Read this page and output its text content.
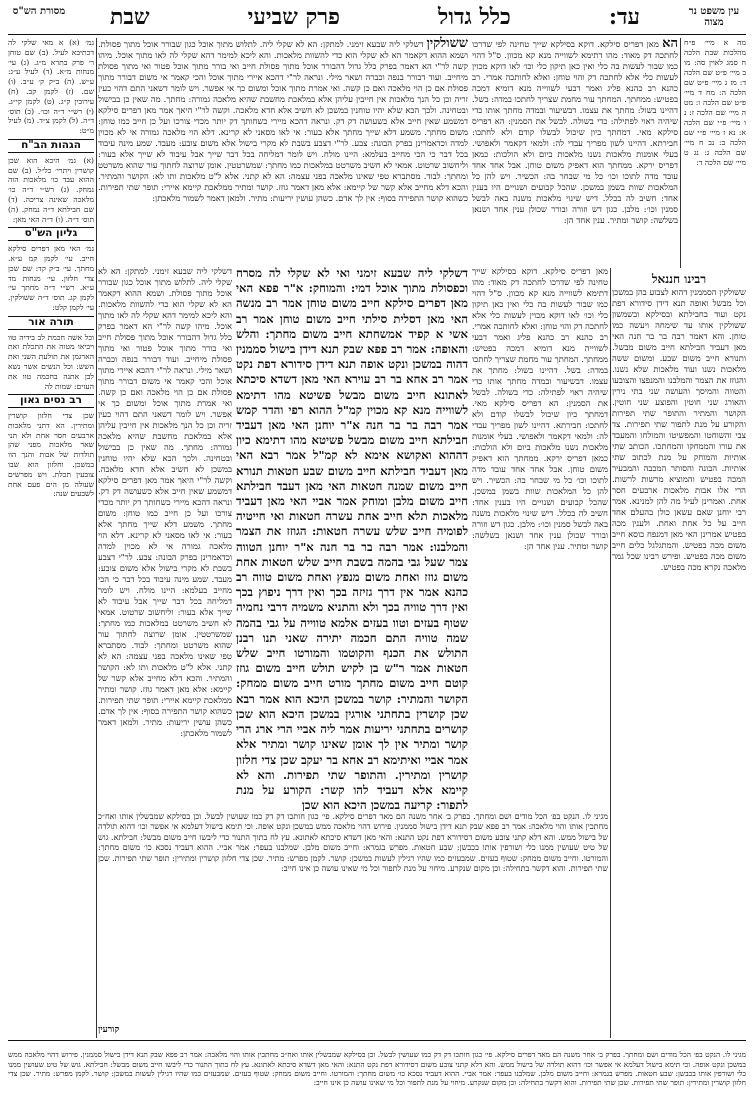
מסורת הש"ס	עין משפט נר מצוה
עד:
כלל גדול
פרק שביעי
שבת

מה א מיי׳ פ״ח מהלכות שבת הלכה ח סמג לאוין סה: מו ב מיי׳ פ״ט שם הלכה ד: מז ג מיי׳ פ״ט שם הלכה ה: מח ד מיי׳ פ״ט שם הלכה ו: מט ה מיי׳ שם הלכה ז: נ ו מיי׳ פ״י שם הלכה א: נא ז מיי׳ פ״י שם הלכה ב: נב ח מיי׳ שם הלכה ג: נג ט מיי׳ שם הלכה ד:

רבינו חננאל

ששולקין הסממנין דהוא לצבוע בהן במשכן וכל מבשל ואופה תנא דידן סידורא דפת נקט ועוד בחבילתא ובסילקא ובשמשון ששולקין אותו עד שימחה ויעשה כמו טוחן. והא דאמר רבה בר בר חנה האי מאן דעביד חבילתא חייב משום מבשל. ותנורא חייב משום שבע. ומשום ששה מלאכות נשנו ועוד מלאכות שלא נשנו. והגוזז את הצמר והמלבנו והמנפצו והצובעו והטווה והמיסך והעושה שני בתי נירין והאורג שני חוטין והפוצע שני חוטין. הקושר והמתיר והתופר שתי תפירות והקורע על מנת לתפור שתי תפירות. צד צבי והשוחטו והמפשיטו והמולחו והמעבד את עורו והממחקו והמחתכו. הכותב שתי אותיות והמוחק על מנת לכתוב שתי אותיות. הבונה והסותר המכבה והמבעיר המכה בפטיש והמוציא מרשות לרשות. הרי אלו אבות מלאכות ארבעים חסר אחת. ואמרינן לעיל מה להן למנינא. אמר רבי יוחנן שאם עשאן כולן בהעלם אחד חייב על כל אחת ואחת. ולענין מכה בפטיש אמרינן האי מאן דמנפח כוסא חייב משום מכה בפטיש. והמתגלגל כלים חייב משום מכה בפטיש. ופירש רבינו שכל גמר מלאכה נקרא מכה בפטיש.

הא מאן דפריס סילקא. דוקא בסילקא שייך טחינה לפי שדרכו לחתכה דק מאוד: מהו דתימא לשווייה מנא קא מכוון. ס"ל דהוי כמו שבור לעשות בה כלי ואין כאן תיקון כלי וכו׳ לאו דוקא מכוין לעשות כלי אלא לחתכה דק והוי טוחן: ואלא לחותכה אמרי. רב כהנא רב כהנא פליג ואמר דבעי לשווייה מנא דומיא דמכה בפטיש: ממחתך. המחתך עור מחמת שצריך לחתכו במדה: בשל. דהיינו בשול: מחתך את עצמו. דבשיעור ובמדה מחתך אותו כדי שיהיה ראוי לפתילה: כדי בשולה. לבשל את הסמנין: הא דפריס סילקא מאי. דמחתך כיון שיכול לבשלו קודם ולא לחתכו: חבירתא. דהיינו לשון מפריך עבדי לה: ולמאי דקאמר ולאפושי. בעלי אומנות מלאכות נשנו מלאכות ביום ולא הולכות: כמאן דפריס ירקא. ממחתך הוא דאפיק משום טוחן. אבל אחד אחד עובד מדה לתוכו וכו׳ כל מי שבחר בה: הכשיר. ויש להן כל המלאכות שוות בשמן במשכן. שהכל קבועים ושנויים היו בענין אחד: חשיב לה בכלל. דיש שינוי מלאכות משנה באה לבשל סמנין וכו׳: מלבן. כגון דש וזורה ובורר שכולן ענין אחד ושנאן בשלשה: קושר ומתיר. ענין אחד הן:

מאן דפריס סילקא. דוקא בסילקא שייך טחינה לפי שדרכו לחתכה דק מאוד: מהו דתימא לשווייה מנא קא מכוון. ס"ל דהוי כמו שבור לעשות בה כלי ואין כאן תיקון כלי וכו׳ לאו דוקא מכוין לעשות כלי אלא לחתכה דק והוי טוחן: ואלא לחותכה אמרי. רב כהנא רב כהנא פליג ואמר דבעי לשווייה מנא דומיא דמכה בפטיש: ממחתך. המחתך עור מחמת שצריך לחתכו במדה: בשל. דהיינו בשול: מחתך את עצמו. דבשיעור ובמדה מחתך אותו כדי שיהיה ראוי לפתילה: כדי בשולה. לבשל את הסמנין: הא דפריס סילקא מאי. דמחתך כיון שיכול לבשלו קודם ולא לחתכו: חבירתא. דהיינו לשון מפריך עבדי לה: ולמאי דקאמר ולאפושי. בעלי אומנות מלאכות נשנו מלאכות ביום ולא הולכות: כמאן דפריס ירקא. ממחתך הוא דאפיק משום טוחן. אבל אחד אחד עובד מדה לתוכו וכו׳ כל מי שבחר בה: הכשיר. ויש להן כל המלאכות שוות בשמן במשכן. שהכל קבועים ושנויים היו בענין אחד: חשיב לה בכלל. דיש שינוי מלאכות משנה באה לבשל סמנין וכו׳: מלבן. כגון דש וזורה ובורר שכולן ענין אחד ושנאן בשלשה: קושר ומתיר. ענין אחד הן:

דשלקי ליה שבעא זימני ואי לא שקלי לה מסרח וכפסולת מתוך אוכל דמי: והמוחק: א"ר פפא האי מאן דפרים סילקא חייב משום טוחן אמר רב מנשה האי מאן דסלית סילתי חייב משום טוחן אמר רב אשי א קפיד אמשחתא חייב משום מחתך: והלש והאופה: אמר רב פפא שבק תנא דידן בישול סממנין דהוה במשכן ונקט אופה תנא דידן סידורא דפת נקט אמר רב אחא בר רב עוירא האי מאן דשדא סיכתא לאתונא חייב משום מבשל פשיטא מהו דתימא לשווייה מנא קא מכוין קמ"ל ההוא רפי והדר קמש אמר רבה בר בר חנה א"ר יוחנן האי מאן דעביד חבילתא חייב משום מבשל פשיטא מהו דתימא כיון דההוא ואקושא אימא לא קמ"ל אמר רבא האי מאן דעביד חבילתא חייב משום שבע חטאות תנורא חייב משום שמנה חטאות האי מאן דעבד חבילתא חייב משום מלבן ומוחק אמר אביי האי מאן דעביד מלאכות תלא חייב אחת עשרה חטאות ואי חייטיה לפומיה חייב שלש עשרה חטאות: הגוזז את הצמר והמלבנו: אמר רבה בר בר חנה א"ר יוחנן הטווה צמר שעל גבי בהמה בשבת חייב שלש חטאות אחת משום גוזז ואחת משום מנפץ ואחת משום טווה רב כהנא אמר אין דרך גזיזה בכך ואין דרך ניפוץ בכך ואין דרך טוויה בכך ולא והתניא משמיה דרבי נחמיה שטוף בעזים וטוו בעזים אלמא טווייה על גבי בהמה שמה טוויה התם חכמה יתירה שאני תנו רבנן התולש את הכנף והקוטמו והמורטו חייב שלש חטאות אמר ר"ש בן לקיש תולש חייב משום גוזז קוטם חייב משום מחתך מורט חייב משום ממחק: הקושר והמתיר: קושר במשכן היכא הוא אמר רבא שכן קושרין בתחתני אורגין במשכן היכא הוא שכן קושרים בתחתני יריעות אמר ליה אביי הרי ארג הרי קושר ומתיר אין לך אומן שאינו קושר ומתיר אלא אמר אביי ואיתימא רב אחא בר יעקב שכן צדי חלזון קושרין ומתירין. והתופר שתי תפירות. והא לא קיימא אלא דעביד להו קשר: הקורע על מנת לתפור: קריעה במשכן היכא הוא שכן

ששולקין דשלקי ליה שבעא זימני. למתקן: הא לא שקלי ליה. לתלוש מתוך אוכל כגון שבורר אוכל מתוך פסולת. ושמא ההוא דקאמר הא לא שקלי הוא כדי להשוות מלאכות. והא ליכא למימר דהא שקלי לה לאו מתוך אוכל. מיהו קשה לר"י הא דאמר בפרק כלל גדול דהבורר אוכל מתוך פסולת חייב ואי בורר מתוך אוכל פטור ואי מתוך פסולת מיחייב. ועוד דבורר בנפה וכברה ושאר מילי. ונראה לר"י דהכא איירי מתוך אוכל והכי קאמר אי משום דבורר מתוך פסולת אם כן הוי מלאכה ואם כן קשה. ואי אמרת מתוך אוכל ומשום כך אי אפשר. ויש לומר דשאני התם דהוי כעין זריה וכן כל הנך מלאכות אין חייבין עליהן אלא במלאכת מחשבת שהיא מלאכה גמורה: מחתך. מה שאין כן בבישול ובטחינה. ולכך הכא שלא יהיו טוחנין במשכן לא חשיב אלא חדא מלאכה. וקשה לר"י היאך אמר מאן דפרים סילקא דמשמע שאין חייב אלא כשעושה דק דק. ונראה דהכא מיירי כשחותך דק יותר מכדי צורכו ועל כן חייב כמו טוחן: משום מחתך. משמע דלא שייך מחתך אלא בעור: אי לאו מסאני לא קרינא. דלא הוי מלאכה גמורה אי לא מכוין למדה וכדאמרינן בפרק הבונה: צבע. לר"י דצבע בשבת לא מקרי בישול אלא משום צובע: מעבד. שמע מינה עיבוד בכל דבר כי הכי מחייב בעלמא: היינו מולח. ויש לומר דמליחה בכל דבר שייך אבל עיבוד לא שייך אלא בעור: וליחשוב שרטוט. אמאי לא חשיב משרטט במלאכות כמו מחתך: שמשרטטין. אומן שרוצה לחתוך עור שהוא משרטט ומחתך: לבוד. מסתברא טפי שאינו מלאכה בפני עצמה: הא לא קתני. אלא ל"ט מלאכות ותו לא: הקושר והמתיר. והכא דלא מחייב אלא קשר של קיימא: אלא מאן דאמר גוזז. קושר ומתיר ממלאכת קיימא איירי: תופר שתי תפירות. כשהוא קושר התפירה בסוף: אין לך אדם. כשהן עושין יריעות: מתיר. ולמאן דאמר לשמור מלאכתן:

דשלקי ליה שבעא זימני. למתקן: הא לא שקלי ליה. לתלוש מתוך אוכל כגון שבורר אוכל מתוך פסולת. ושמא ההוא דקאמר הא לא שקלי הוא כדי להשוות מלאכות. והא ליכא למימר דהא שקלי לה לאו מתוך אוכל. מיהו קשה לר"י הא דאמר בפרק כלל גדול דהבורר אוכל מתוך פסולת חייב ואי בורר מתוך אוכל פטור ואי מתוך פסולת מיחייב. ועוד דבורר בנפה וכברה ושאר מילי. ונראה לר"י דהכא איירי מתוך אוכל והכי קאמר אי משום דבורר מתוך פסולת אם כן הוי מלאכה ואם כן קשה. ואי אמרת מתוך אוכל ומשום כך אי אפשר. ויש לומר דשאני התם דהוי כעין זריה וכן כל הנך מלאכות אין חייבין עליהן אלא במלאכת מחשבת שהיא מלאכה גמורה: מחתך. מה שאין כן בבישול ובטחינה. ולכך הכא שלא יהיו טוחנין במשכן לא חשיב אלא חדא מלאכה. וקשה לר"י היאך אמר מאן דפרים סילקא דמשמע שאין חייב אלא כשעושה דק דק. ונראה דהכא מיירי כשחותך דק יותר מכדי צורכו ועל כן חייב כמו טוחן: משום מחתך. משמע דלא שייך מחתך אלא בעור: אי לאו מסאני לא קרינא. דלא הוי מלאכה גמורה אי לא מכוין למדה וכדאמרינן בפרק הבונה: צבע. לר"י דצבע בשבת לא מקרי בישול אלא משום צובע: מעבד. שמע מינה עיבוד בכל דבר כי הכי מחייב בעלמא: היינו מולח. ויש לומר דמליחה בכל דבר שייך אבל עיבוד לא שייך אלא בעור: וליחשוב שרטוט. אמאי לא חשיב משרטט במלאכות כמו מחתך: שמשרטטין. אומן שרוצה לחתוך עור שהוא משרטט ומחתך: לבוד. מסתברא טפי שאינו מלאכה בפני עצמה: הא לא קתני. אלא ל"ט מלאכות ותו לא: הקושר והמתיר. והכא דלא מחייב אלא קשר של קיימא: אלא מאן דאמר גוזז. קושר ומתיר ממלאכת קיימא איירי: תופר שתי תפירות. כשהוא קושר התפירה בסוף: אין לך אדם. כשהן עושין יריעות: מתיר. ולמאן דאמר לשמור מלאכתן:

גמ׳ (א) א מאי שלקי לה דכתיבא לעיל. (ב) שם טוחן ר׳ פרק בתרא מ״ג. (ג) עי׳ מנחות מ״א. (ד) לעיל ע״ג: ע״ש. (ה) ב״ק ק׳ ע״ב. (ו) שם. (ז) לקמן קב. (ח) עירובין ק״ג. (ט) לקמן קי״ג. (י) רש״י ד״ה וכו׳. (כ) תוס׳ ד״ה. (ל) לקמן צ״ד. (מ) לעיל מ״ט:

הגהות הב"ח

(א) גמ׳ היכא הוא שכן קושרין ויתרי׳ כל״ל. (ב) שם ההוא עבד כו׳ מלאכות הוה נמחק. (ג) רש״י ד״ה כו׳ מלאכה שאינה צריכה. (ד) שם חבילתא ד״ה נמחק. (ה) תוס׳ ד״ה. (ו) ד״ה האי מאן:

גליון הש"ס

גמ׳ האי מאן דפרים סילקא חייב. עי׳ לקמן קמ ע״א. מחתך. עי׳ ב״ק קד: שם שכן צדי חלזון. עי׳ מנחות מד ע״א. רש״י ד״ה מחתך עי׳ לקמן קג. תוס׳ ד״ה ששולקין. עי׳ לקמן קלט:

תורה אור

וכל אשה חכמת לב בידיה טוו ויביאו מטוה את התכלת ואת הארגמן את תולעת השני ואת השש: וכל הנשים אשר נשא לבן אתנה בחכמה טוו את העזים: שמות לה

רב נסים גאון

שכן צדי חלזון קושרין ומתירין. הא דתני מלאכות ארבעים חסר אחת ולא תני שאר מלאכות מפני שהן תולדות של אבות והנך הוו במשכן. וחלזון הוא שבו צובעין תכלת. ויש מפרשים שעולה מן הים פעם אחת לשבעים שנה:

מגיני לו. הנקט בפ׳ הכל מודים ושם ומחתך. בפרק ב׳ אחר משנה הם מאד דפרים סילקא. פי׳ כגון חותכו דק דק כמו שעושין לבשל. וכן בסילקא שמבשלין אותו ואח״כ מחתכין אותו והוי מלאכה: אמר רב פפא שבק תנא דידן בישול סממנין. פירוש דהוי מלאכה ממש במשכן ונקט אופה. וכי תימא בישול דעלמא אי אפשר וכו׳ דהוא תולדה של בישול ממש. והא דלא קתני צובע משום דסידורא דפת נקט התנא: והאי מאן דשדא סיכתא לאתונא. עץ לח בתוך התנור כדי ליבשו חייב משום מבשל: חבילתא. גוש של טיט שעושין ממנו כלי ושורפין אותו בכבשן: שבע חטאות. מפרש בגמרא: וחייב משום מלבן. שמלבנו בעפר: אמר אביי. ההוא דעביד נסכא כו׳ משום מחתך: והמורטו. וחייב משום ממחק: שטוף בעזים. שמבעזים כמו שהיו רגילין לעשות במשכן: קושר. לקמן מפרש: מתיר. שכן צדי חלזון קושרין ומתירין: תופר שתי תפירות. שכן שתי תפירות. והוא דקשר בתחילה: וכן מקום שנקרע. מיחוי על מנת לתפור וכל מי שאינו עושה כן אינו חייב:

קורעין

מגיני לו. הנקט בפ׳ הכל מודים ושם ומחתך. בפרק ב׳ אחר משנה הם מאד דפרים סילקא. פי׳ כגון חותכו דק דק כמו שעושין לבשל. וכן בסילקא שמבשלין אותו ואח״כ מחתכין אותו והוי מלאכה: אמר רב פפא שבק תנא דידן בישול סממנין. פירוש דהוי מלאכה ממש במשכן ונקט אופה. וכי תימא בישול דעלמא אי אפשר וכו׳ דהוא תולדה של בישול ממש. והא דלא קתני צובע משום דסידורא דפת נקט התנא: והאי מאן דשדא סיכתא לאתונא. עץ לח בתוך התנור כדי ליבשו חייב משום מבשל: חבילתא. גוש של טיט שעושין ממנו כלי ושורפין אותו בכבשן: שבע חטאות. מפרש בגמרא: וחייב משום מלבן. שמלבנו בעפר: אמר אביי. ההוא דעביד נסכא כו׳ משום מחתך: והמורטו. וחייב משום ממחק: שטוף בעזים. שמבעזים כמו שהיו רגילין לעשות במשכן: קושר. לקמן מפרש: מתיר. שכן צדי חלזון קושרין ומתירין: תופר שתי תפירות. שכן שתי תפירות. והוא דקשר בתחילה: וכן מקום שנקרע. מיחוי על מנת לתפור וכל מי שאינו עושה כן אינו חייב:
